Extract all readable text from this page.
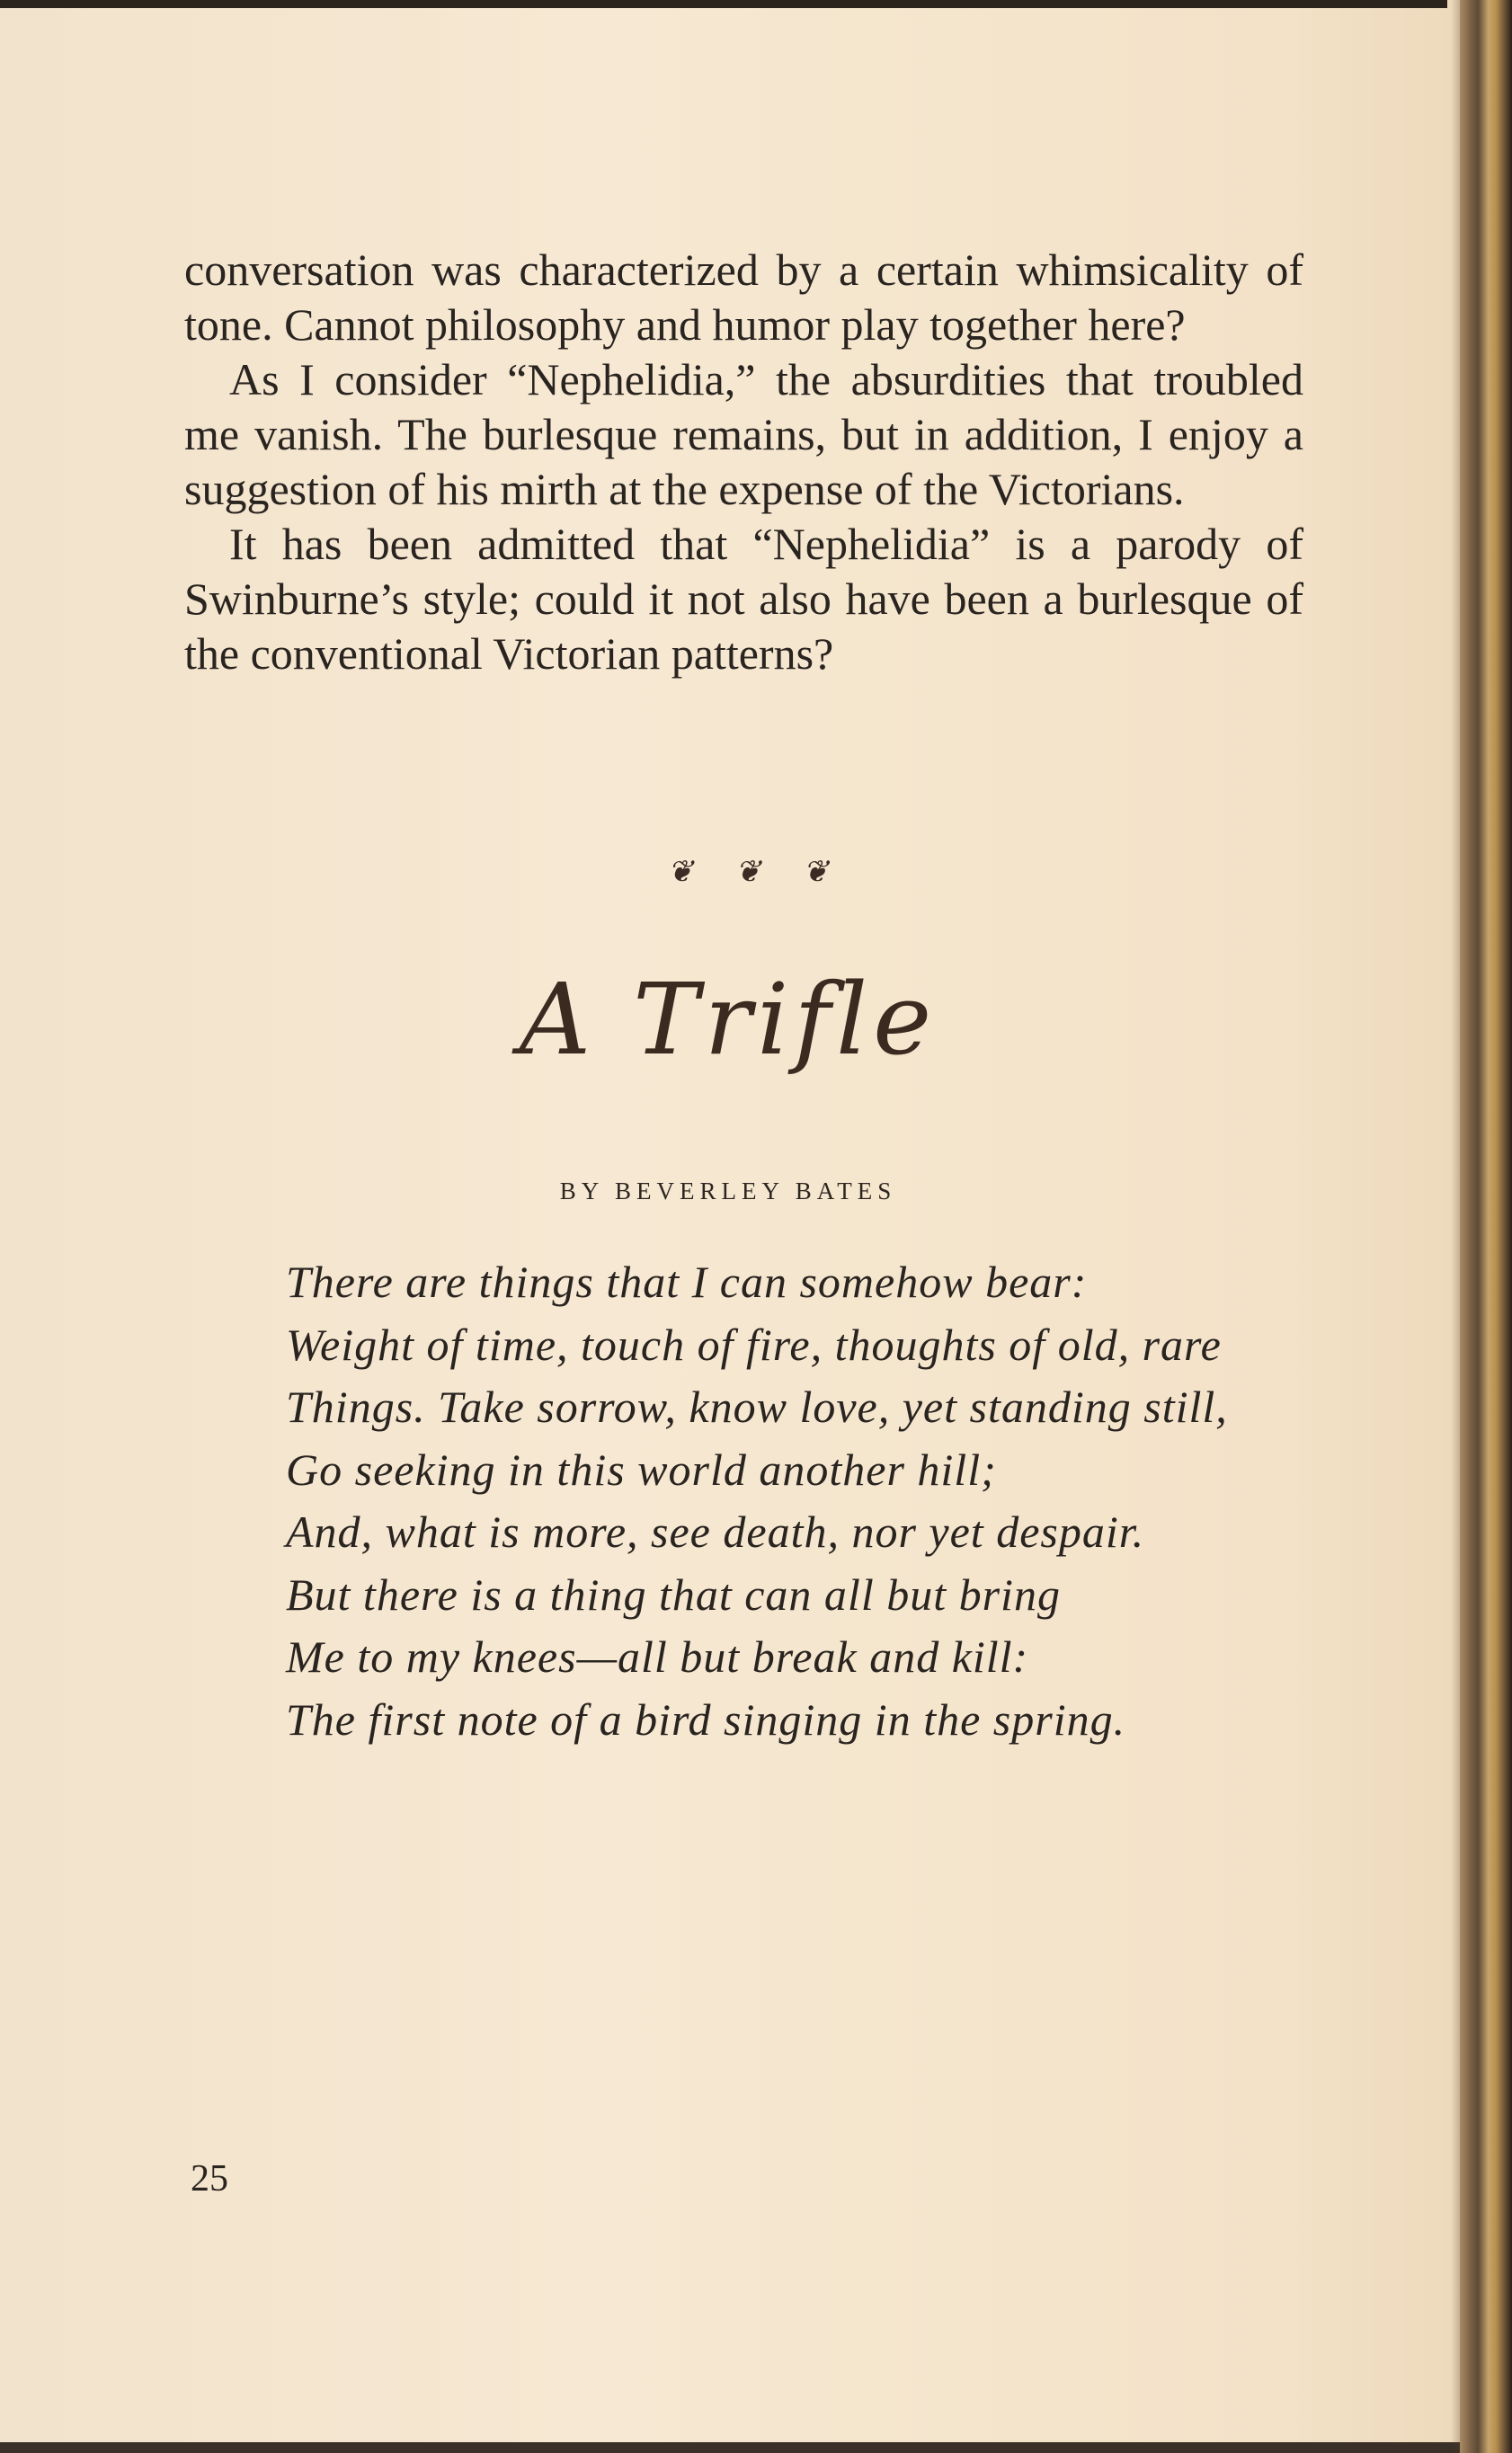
conversation was characterized by a certain whimsicality of tone. Cannot philosophy and humor play together here?

As I consider “Nephelidia,” the absurdities that troubled me vanish. The burlesque remains, but in addition, I enjoy a suggestion of his mirth at the expense of the Victorians.

It has been admitted that “Nephelidia” is a parody of Swinburne’s style; could it not also have been a burlesque of the conventional Victorian patterns?

❦ ❦ ❦
A Trifle
BY BEVERLEY BATES
There are things that I can somehow bear:
Weight of time, touch of fire, thoughts of old, rare
Things. Take sorrow, know love, yet standing still,
Go seeking in this world another hill;
And, what is more, see death, nor yet despair.
But there is a thing that can all but bring
Me to my knees—all but break and kill:
The first note of a bird singing in the spring.
25
